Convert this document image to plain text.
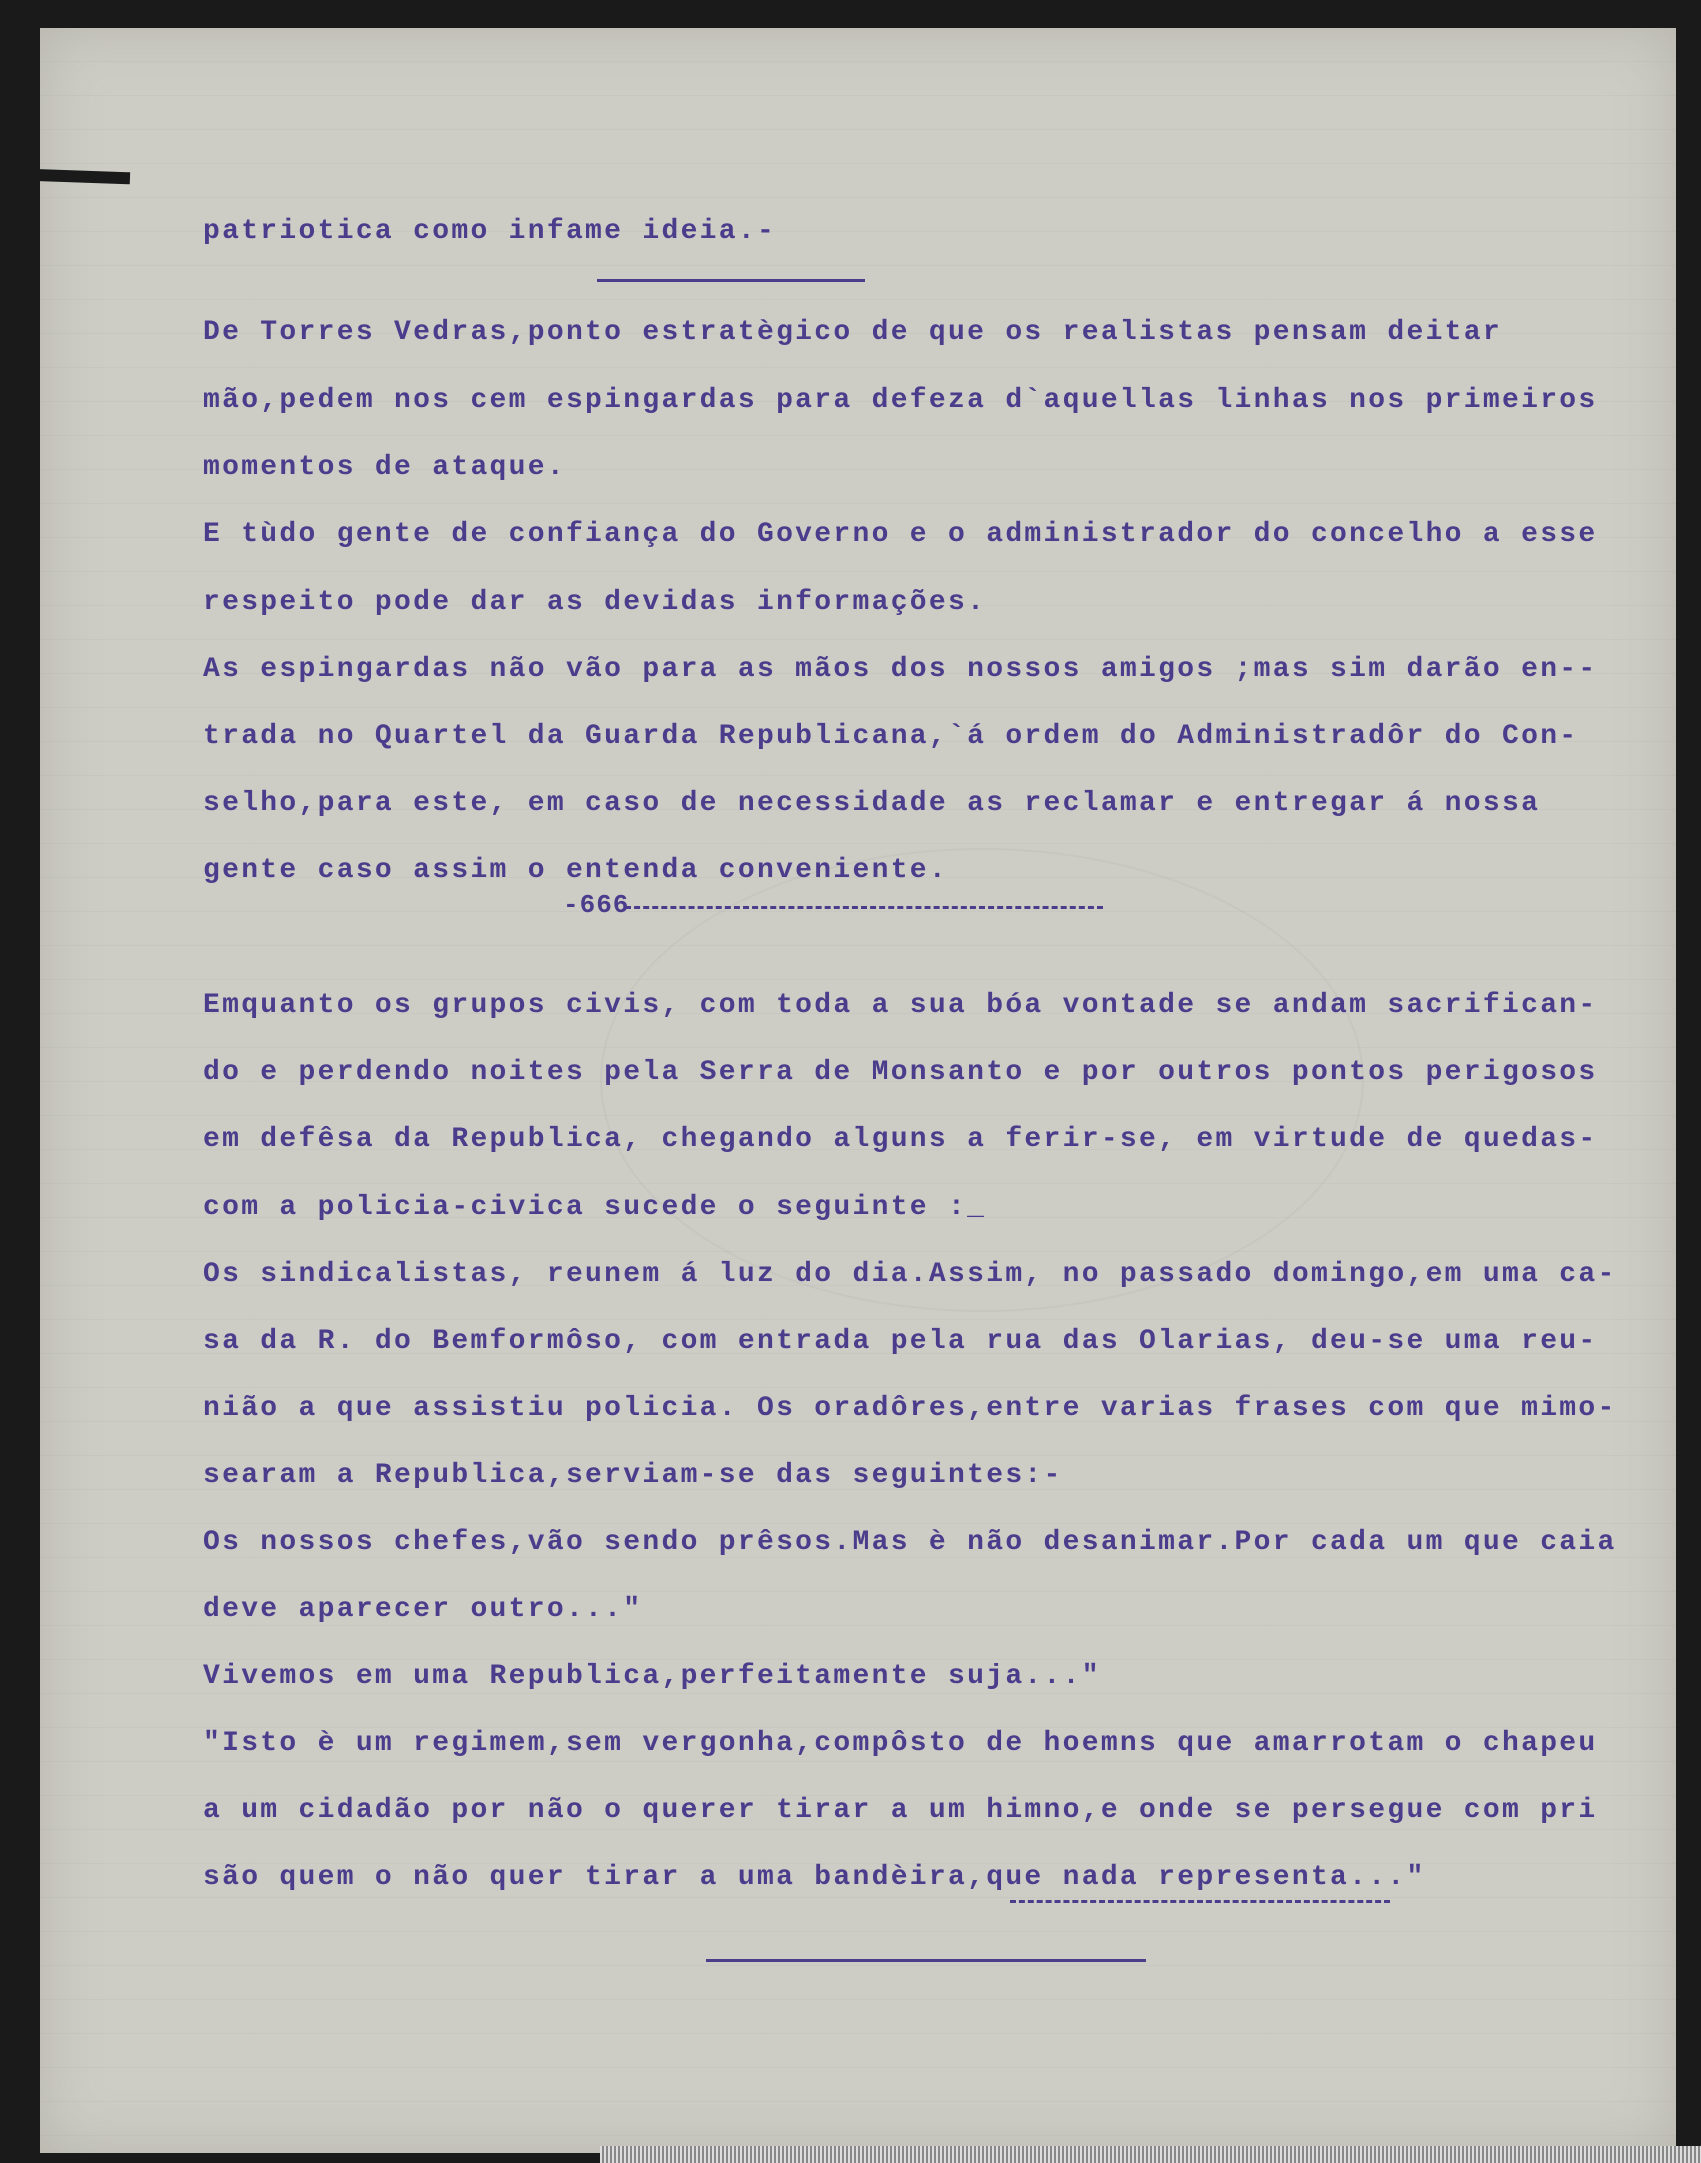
patriotica como infame ideia.-
De Torres Vedras,ponto estratègico de que os realistas pensam deitar
mão,pedem nos cem espingardas para defeza d`aquellas linhas nos primeiros
momentos de ataque.
E tùdo gente de confiança do Governo e o administrador do concelho a esse
respeito pode dar as devidas informações.
As espingardas não vão para as mãos dos nossos amigos ;mas sim darão en--
trada no Quartel da Guarda Republicana,`á ordem do Administradôr do Con-
selho,para este, em caso de necessidade as reclamar e entregar á nossa
gente caso assim o entenda conveniente.
-666
Emquanto os grupos civis, com toda a sua bóa vontade se andam sacrifican-
do e perdendo noites pela Serra de Monsanto e por outros pontos perigosos
em defêsa da Republica, chegando alguns a ferir-se, em virtude de quedas-
com a policia-civica sucede o seguinte :_
Os sindicalistas, reunem á luz do dia.Assim, no passado domingo,em uma ca-
sa da R. do Bemformôso, com entrada pela rua das Olarias, deu-se uma reu-
nião a que assistiu policia. Os oradôres,entre varias frases com que mimo-
searam a Republica,serviam-se das seguintes:-
Os nossos chefes,vão sendo prêsos.Mas è não desanimar.Por cada um que caia
deve aparecer outro..."
Vivemos em uma Republica,perfeitamente suja..."
"Isto è um regimem,sem vergonha,compôsto de hoemns que amarrotam o chapeu
a um cidadão por não o querer tirar a um himno,e onde se persegue com pri
são quem o não quer tirar a uma bandèira,que nada representa..."
